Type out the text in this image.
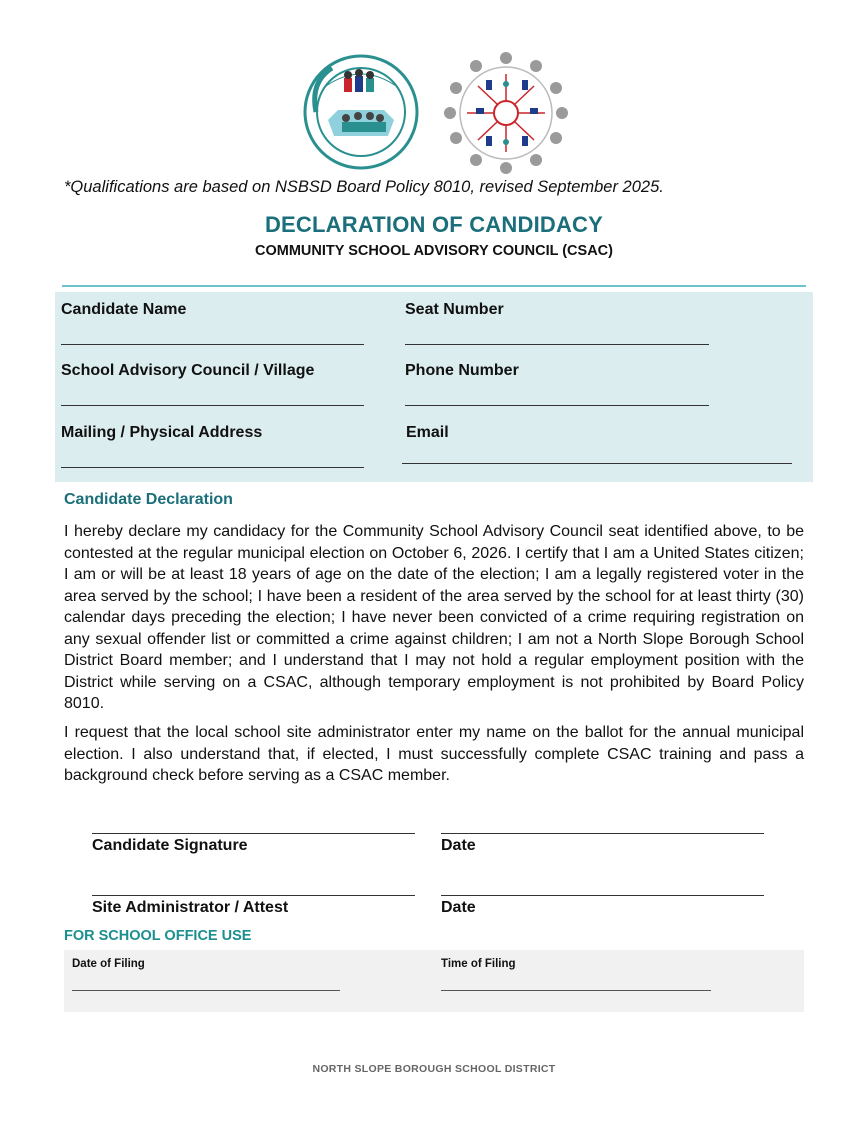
*Qualifications are based on NSBSD Board Policy 8010, revised September 2025.
DECLARATION OF CANDIDACY
COMMUNITY SCHOOL ADVISORY COUNCIL (CSAC)
Candidate Name	Seat Number
School Advisory Council / Village	Phone Number
Mailing / Physical Address	Email
Candidate Declaration
I hereby declare my candidacy for the Community School Advisory Council seat identified above, to be contested at the regular municipal election on October 6, 2026. I certify that I am a United States citizen; I am or will be at least 18 years of age on the date of the election; I am a legally registered voter in the area served by the school; I have been a resident of the area served by the school for at least thirty (30) calendar days preceding the election; I have never been convicted of a crime requiring registration on any sexual offender list or committed a crime against children; I am not a North Slope Borough School District Board member; and I understand that I may not hold a regular employment position with the District while serving on a CSAC, although temporary employment is not prohibited by Board Policy 8010.
I request that the local school site administrator enter my name on the ballot for the annual municipal election. I also understand that, if elected, I must successfully complete CSAC training and pass a background check before serving as a CSAC member.
Candidate Signature	Date
Site Administrator / Attest	Date
FOR SCHOOL OFFICE USE
Date of Filing	Time of Filing
NORTH SLOPE BOROUGH SCHOOL DISTRICT
